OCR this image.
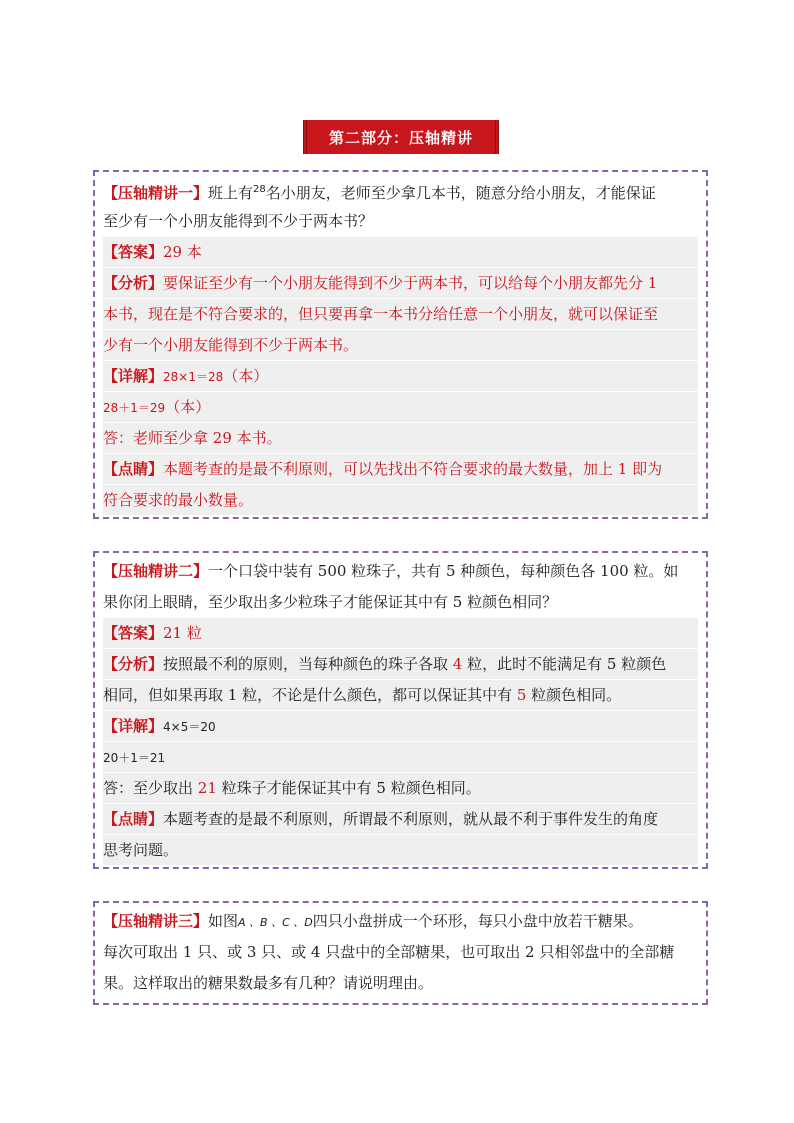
第二部分：压轴精讲
【压轴精讲一】班上有$^{28}$名小朋友，老师至少拿几本书，随意分给小朋友，才能保证
至少有一个小朋友能得到不少于两本书？
【答案】29 本
【分析】要保证至少有一个小朋友能得到不少于两本书，可以给每个小朋友都先分 1
本书，现在是不符合要求的，但只要再拿一本书分给任意一个小朋友，就可以保证至
少有一个小朋友能得到不少于两本书。
【详解】28×1＝28（本）
28＋1＝29（本）
答：老师至少拿 29 本书。
【点睛】本题考查的是最不利原则，可以先找出不符合要求的最大数量，加上 1 即为
符合要求的最小数量。
【压轴精讲二】一个口袋中装有 500 粒珠子，共有 5 种颜色，每种颜色各 100 粒。如
果你闭上眼睛，至少取出多少粒珠子才能保证其中有 5 粒颜色相同？
【答案】21 粒
【分析】按照最不利的原则，当每种颜色的珠子各取 4 粒，此时不能满足有 5 粒颜色
相同，但如果再取 1 粒，不论是什么颜色，都可以保证其中有 5 粒颜色相同。
【详解】4×5＝20
20＋1＝21
答：至少取出 21 粒珠子才能保证其中有 5 粒颜色相同。
【点睛】本题考查的是最不利原则，所谓最不利原则，就从最不利于事件发生的角度
思考问题。
【压轴精讲三】如图A 、B 、C 、D四只小盘拼成一个环形，每只小盘中放若干糖果。
每次可取出 1 只、或 3 只、或 4 只盘中的全部糖果，也可取出 2 只相邻盘中的全部糖
果。这样取出的糖果数最多有几种？请说明理由。
